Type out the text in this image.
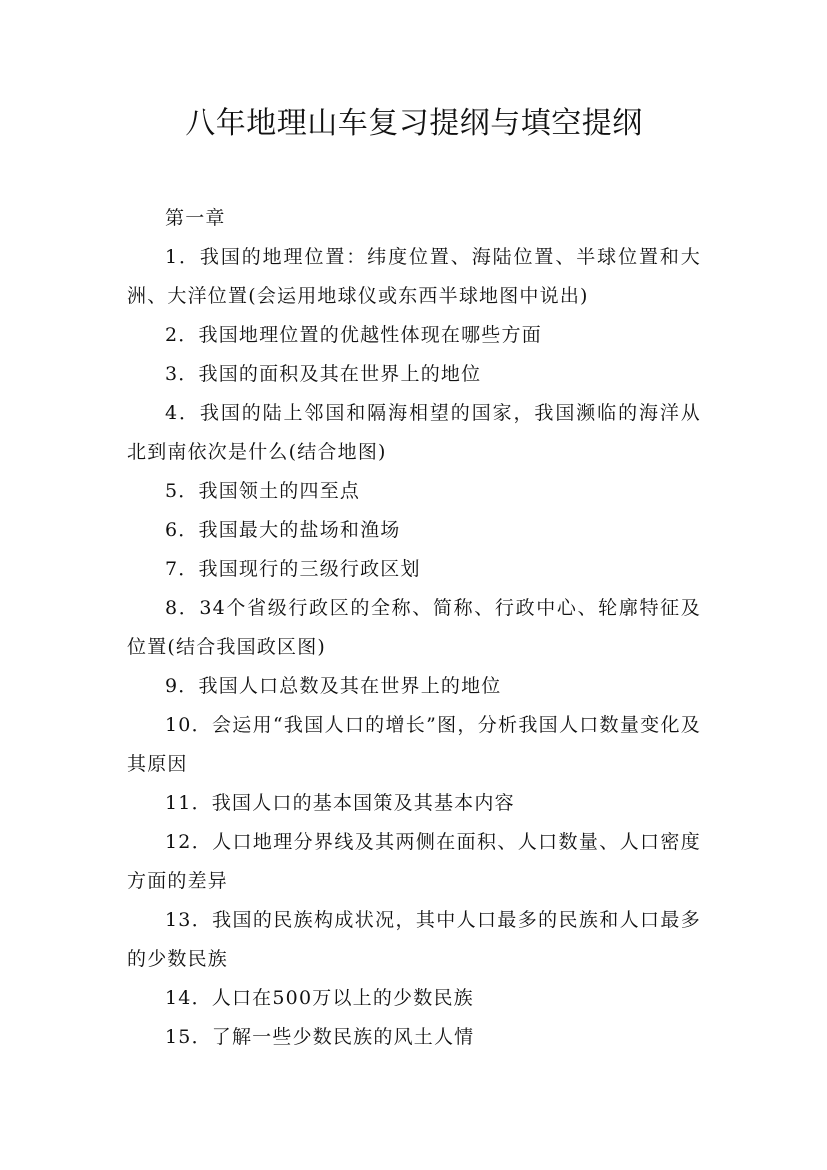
八年地理山车复习提纲与填空提纲

第一章

1．我国的地理位置：纬度位置、海陆位置、半球位置和大洲、大洋位置(会运用地球仪或东西半球地图中说出)

2．我国地理位置的优越性体现在哪些方面

3．我国的面积及其在世界上的地位

4．我国的陆上邻国和隔海相望的国家，我国濒临的海洋从北到南依次是什么(结合地图)

5．我国领土的四至点

6．我国最大的盐场和渔场

7．我国现行的三级行政区划

8．34个省级行政区的全称、简称、行政中心、轮廓特征及位置(结合我国政区图)

9．我国人口总数及其在世界上的地位

10．会运用“我国人口的增长”图，分析我国人口数量变化及其原因

11．我国人口的基本国策及其基本内容

12．人口地理分界线及其两侧在面积、人口数量、人口密度方面的差异

13．我国的民族构成状况，其中人口最多的民族和人口最多的少数民族

14．人口在500万以上的少数民族

15．了解一些少数民族的风土人情
